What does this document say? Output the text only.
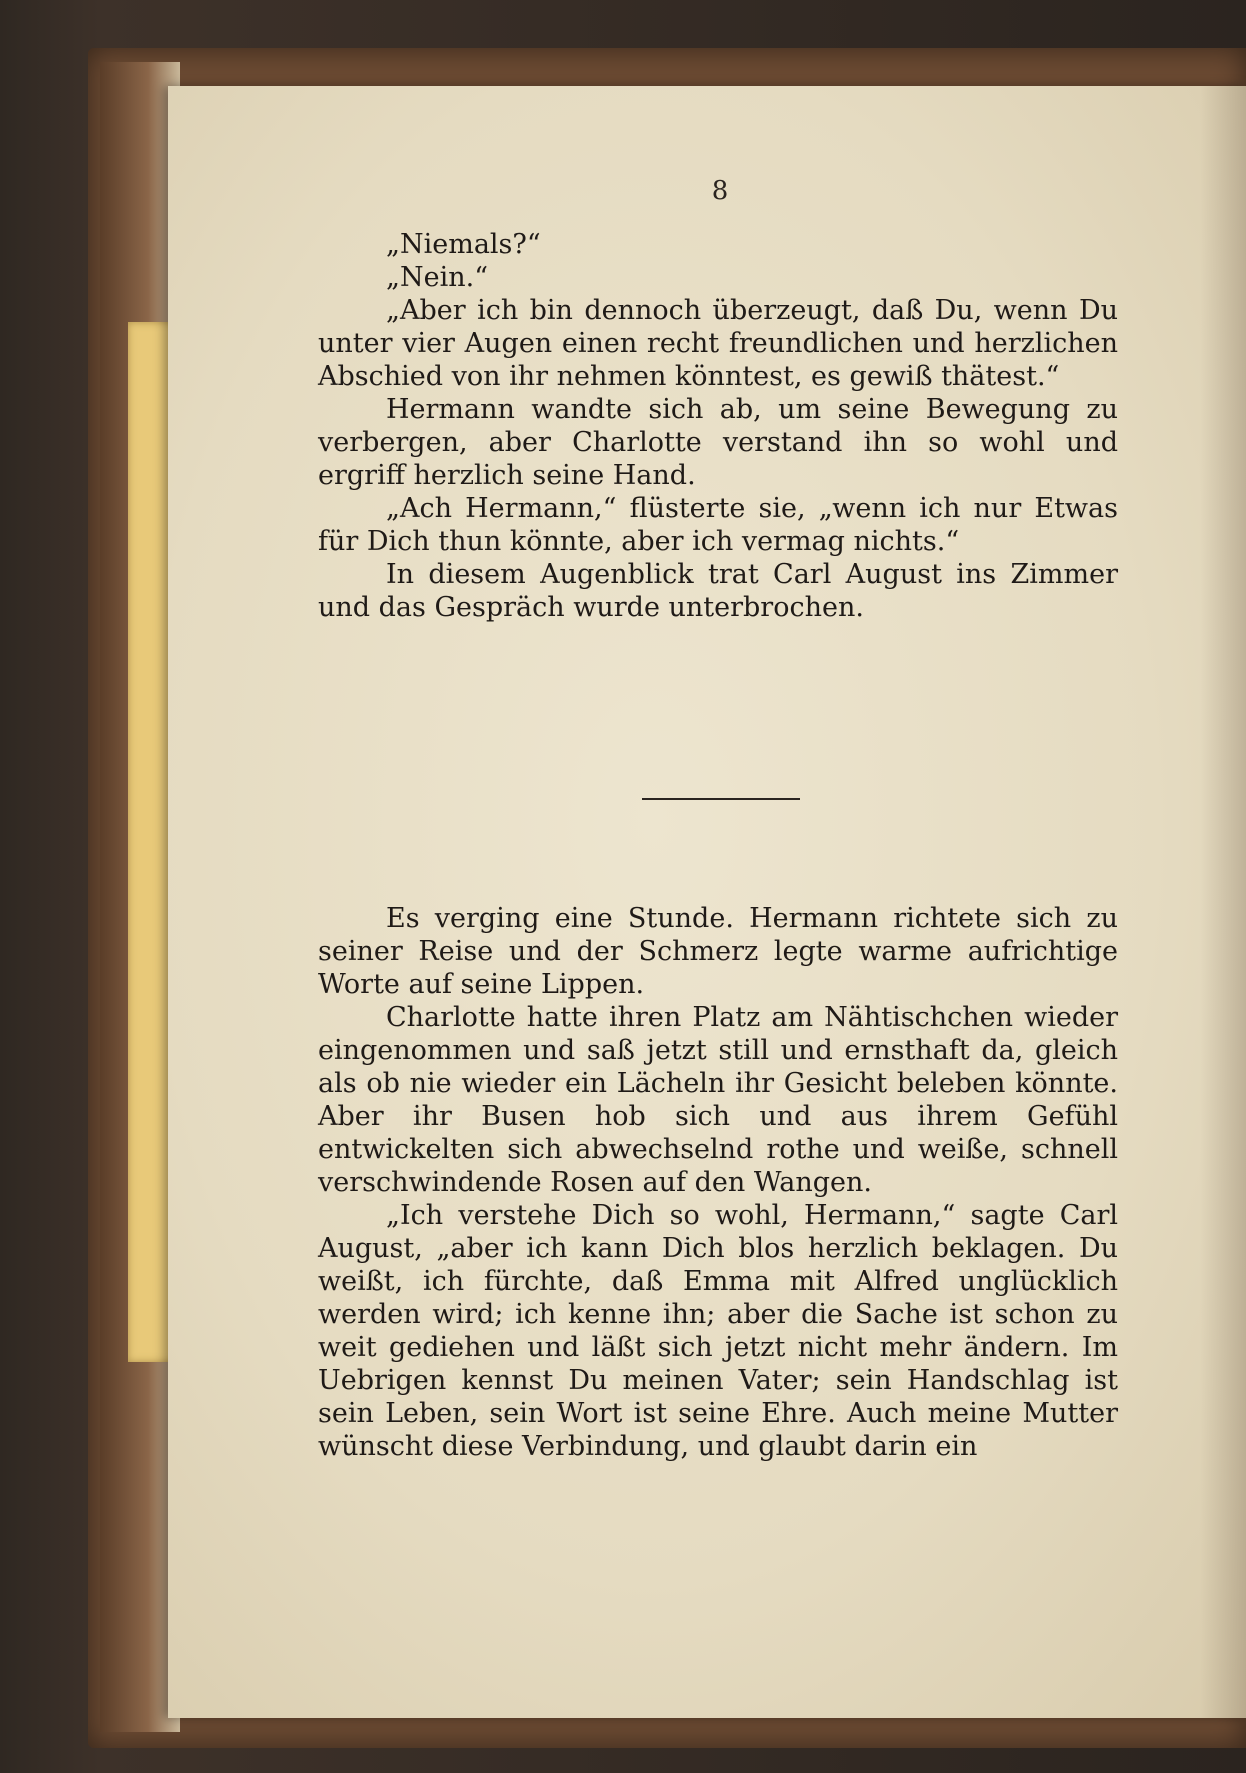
8

„Niemals?“

„Nein.“

„Aber ich bin dennoch überzeugt, daß Du, wenn Du unter vier Augen einen recht freundlichen und herzlichen Abschied von ihr nehmen könntest, es gewiß thätest.“

Hermann wandte sich ab, um seine Bewegung zu verbergen, aber Charlotte verstand ihn so wohl und ergriff herzlich seine Hand.

„Ach Hermann,“ flüsterte sie, „wenn ich nur Etwas für Dich thun könnte, aber ich vermag nichts.“

In diesem Augenblick trat Carl August ins Zimmer und das Gespräch wurde unterbrochen.

Es verging eine Stunde. Hermann richtete sich zu seiner Reise und der Schmerz legte warme aufrichtige Worte auf seine Lippen.

Charlotte hatte ihren Platz am Nähtischchen wieder eingenommen und saß jetzt still und ernsthaft da, gleich als ob nie wieder ein Lächeln ihr Gesicht beleben könnte. Aber ihr Busen hob sich und aus ihrem Gefühl entwickelten sich abwechselnd rothe und weiße, schnell verschwindende Rosen auf den Wangen.

„Ich verstehe Dich so wohl, Hermann,“ sagte Carl August, „aber ich kann Dich blos herzlich beklagen. Du weißt, ich fürchte, daß Emma mit Alfred unglücklich werden wird; ich kenne ihn; aber die Sache ist schon zu weit gediehen und läßt sich jetzt nicht mehr ändern. Im Uebrigen kennst Du meinen Vater; sein Handschlag ist sein Leben, sein Wort ist seine Ehre. Auch meine Mutter wünscht diese Verbindung, und glaubt darin ein
